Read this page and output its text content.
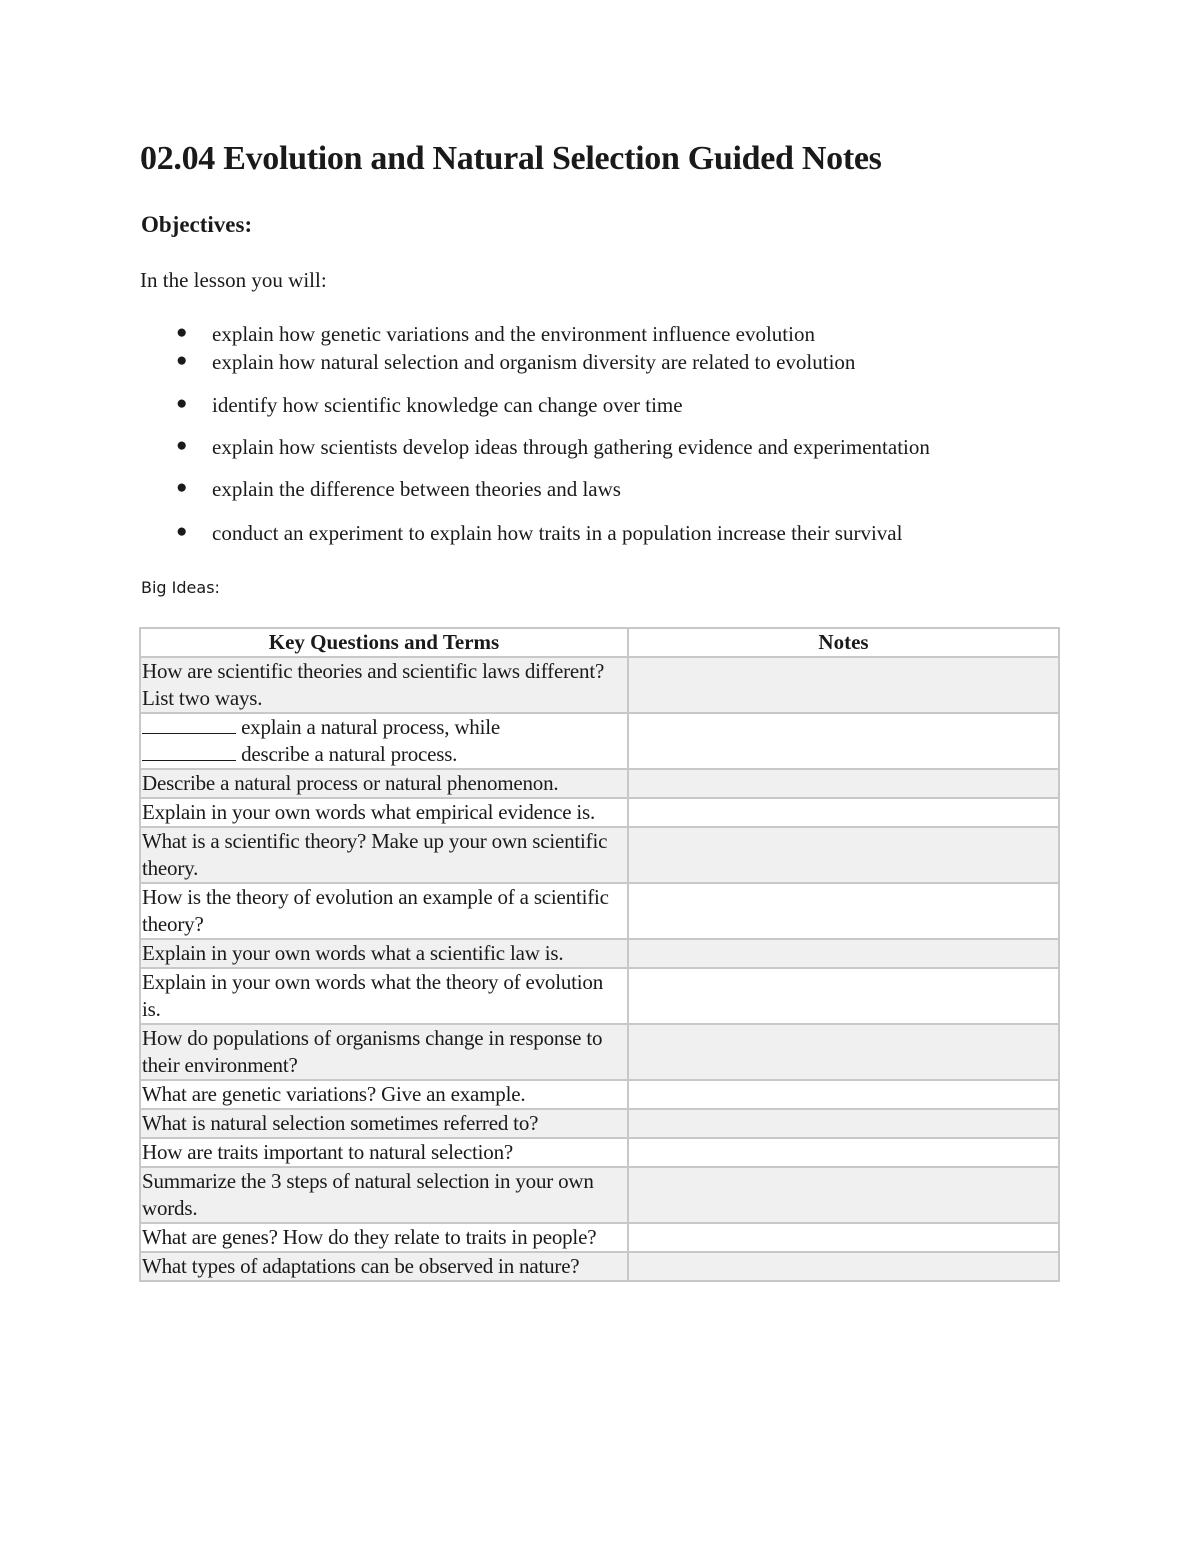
02.04 Evolution and Natural Selection Guided Notes
Objectives:

In the lesson you will:

● explain how genetic variations and the environment influence evolution
● explain how natural selection and organism diversity are related to evolution
● identify how scientific knowledge can change over time
● explain how scientists develop ideas through gathering evidence and experimentation
● explain the difference between theories and laws
● conduct an experiment to explain how traits in a population increase their survival

Big Ideas:

Key Questions and Terms	Notes
How are scientific theories and scientific laws different? List two ways.	
explain a natural process, while
describe a natural process.	
Describe a natural process or natural phenomenon.	
Explain in your own words what empirical evidence is.	
What is a scientific theory? Make up your own scientific theory.	
How is the theory of evolution an example of a scientific theory?	
Explain in your own words what a scientific law is.	
Explain in your own words what the theory of evolution is.	
How do populations of organisms change in response to their environment?	
What are genetic variations? Give an example.	
What is natural selection sometimes referred to?	
How are traits important to natural selection?	
Summarize the 3 steps of natural selection in your own words.	
What are genes? How do they relate to traits in people?	
What types of adaptations can be observed in nature?	
